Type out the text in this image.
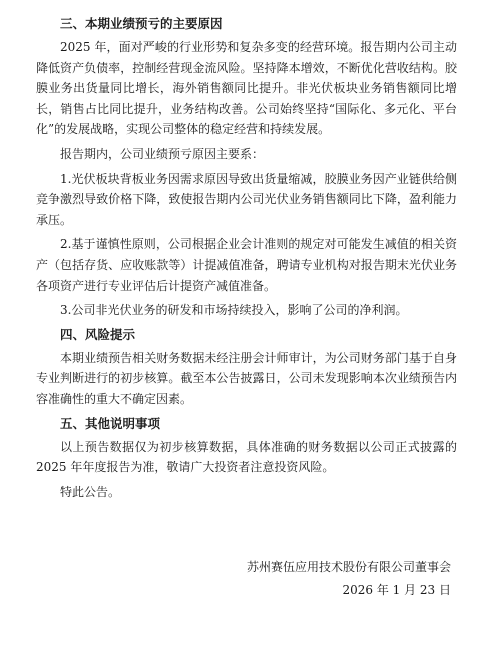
三、本期业绩预亏的主要原因

2025 年，面对严峻的行业形势和复杂多变的经营环境。报告期内公司主动降低资产负债率，控制经营现金流风险。坚持降本增效，不断优化营收结构。胶膜业务出货量同比增长，海外销售额同比提升。非光伏板块业务销售额同比增长，销售占比同比提升，业务结构改善。公司始终坚持“国际化、多元化、平台化”的发展战略，实现公司整体的稳定经营和持续发展。

报告期内，公司业绩预亏原因主要系：

1.光伏板块背板业务因需求原因导致出货量缩减，胶膜业务因产业链供给侧竞争激烈导致价格下降，致使报告期内公司光伏业务销售额同比下降，盈利能力承压。

2.基于谨慎性原则，公司根据企业会计准则的规定对可能发生减值的相关资产（包括存货、应收账款等）计提减值准备，聘请专业机构对报告期末光伏业务各项资产进行专业评估后计提资产减值准备。

3.公司非光伏业务的研发和市场持续投入，影响了公司的净利润。

四、风险提示

本期业绩预告相关财务数据未经注册会计师审计，为公司财务部门基于自身专业判断进行的初步核算。截至本公告披露日，公司未发现影响本次业绩预告内容准确性的重大不确定因素。

五、其他说明事项

以上预告数据仅为初步核算数据，具体准确的财务数据以公司正式披露的 2025 年年度报告为准，敬请广大投资者注意投资风险。

特此公告。

苏州赛伍应用技术股份有限公司董事会
2026 年 1 月 23 日
